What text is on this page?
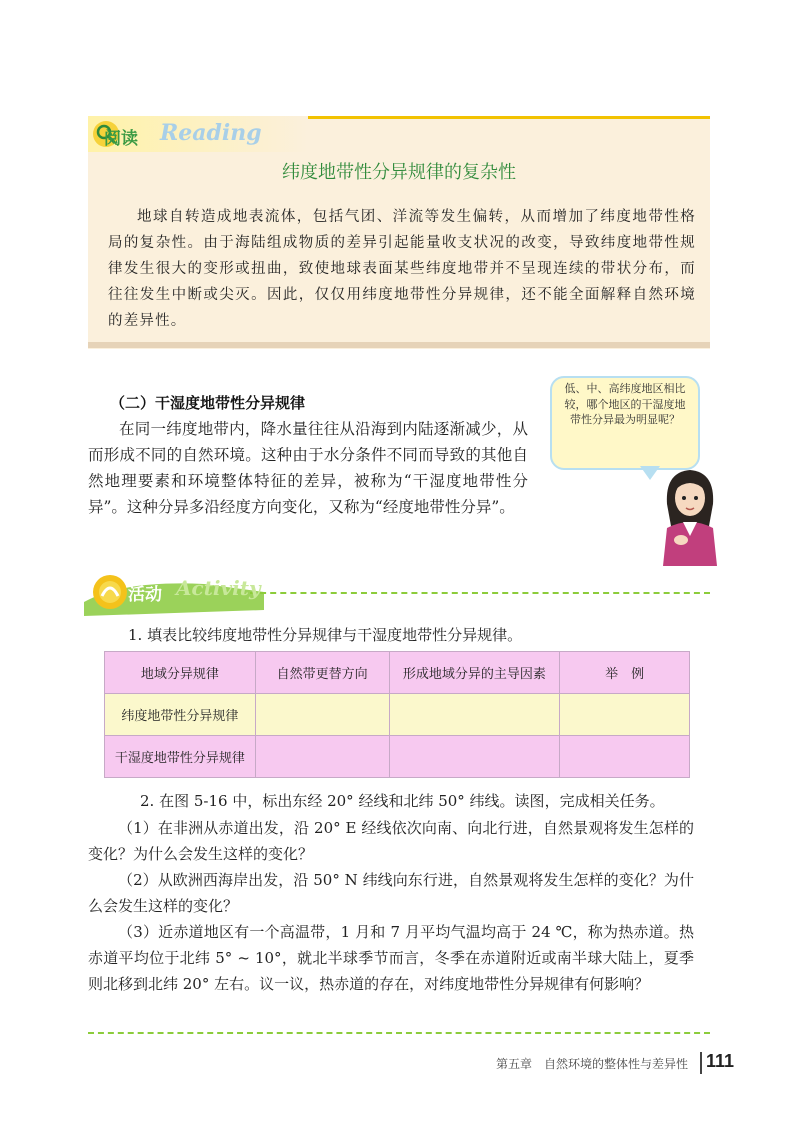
阅读 Reading
纬度地带性分异规律的复杂性
地球自转造成地表流体，包括气团、洋流等发生偏转，从而增加了纬度地带性格局的复杂性。由于海陆组成物质的差异引起能量收支状况的改变，导致纬度地带性规律发生很大的变形或扭曲，致使地球表面某些纬度地带并不呈现连续的带状分布，而往往发生中断或尖灭。因此，仅仅用纬度地带性分异规律，还不能全面解释自然环境的差异性。
（二）干湿度地带性分异规律
在同一纬度地带内，降水量往往从沿海到内陆逐渐减少，从而形成不同的自然环境。这种由于水分条件不同而导致的其他自然地理要素和环境整体特征的差异，被称为“干湿度地带性分异”。这种分异多沿经度方向变化，又称为“经度地带性分异”。
低、中、高纬度地区相比较，哪个地区的干湿度地带性分异最为明显呢？
活动 Activity
1. 填表比较纬度地带性分异规律与干湿度地带性分异规律。
地域分异规律	自然带更替方向	形成地域分异的主导因素	举　例
纬度地带性分异规律			
干湿度地带性分异规律			
2. 在图 5-16 中，标出东经 20° 经线和北纬 50° 纬线。读图，完成相关任务。
（1）在非洲从赤道出发，沿 20° E 经线依次向南、向北行进，自然景观将发生怎样的变化？为什么会发生这样的变化？
（2）从欧洲西海岸出发，沿 50° N 纬线向东行进，自然景观将发生怎样的变化？为什么会发生这样的变化？
（3）近赤道地区有一个高温带，1 月和 7 月平均气温均高于 24 ℃，称为热赤道。热赤道平均位于北纬 5° ~ 10°，就北半球季节而言，冬季在赤道附近或南半球大陆上，夏季则北移到北纬 20° 左右。议一议，热赤道的存在，对纬度地带性分异规律有何影响？
第五章　自然环境的整体性与差异性 111
